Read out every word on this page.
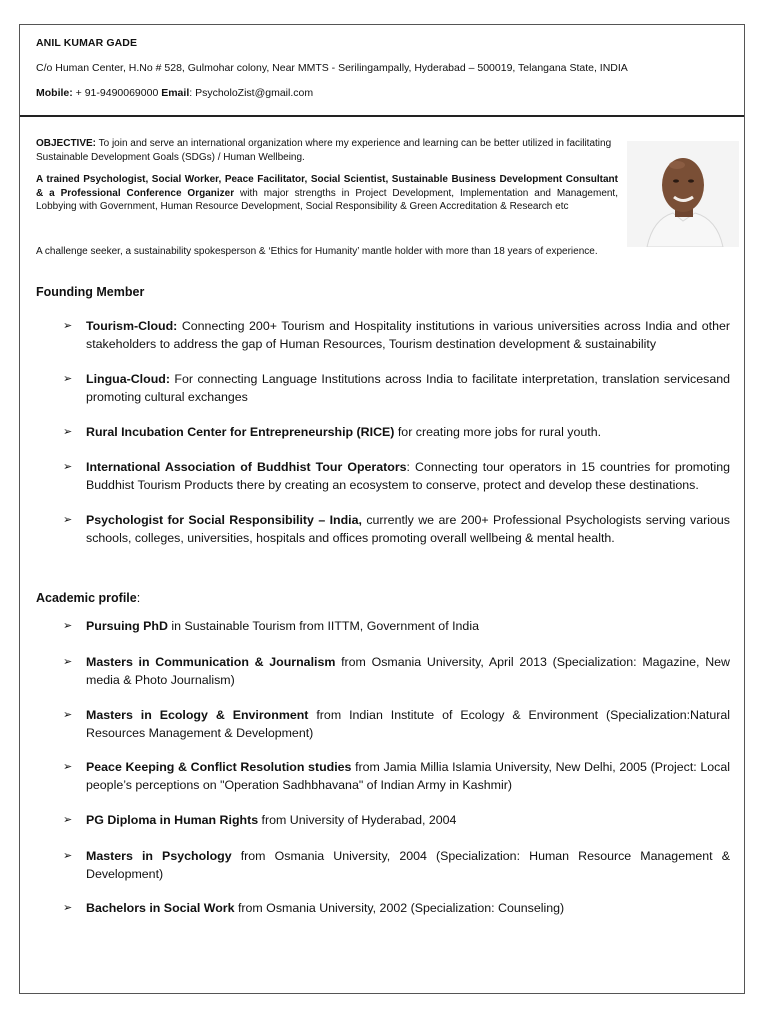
ANIL KUMAR GADE
C/o Human Center, H.No # 528, Gulmohar colony, Near MMTS - Serilingampally, Hyderabad – 500019, Telangana State, INDIA
Mobile: + 91-9490069000 Email: PsycholoZist@gmail.com
OBJECTIVE: To join and serve an international organization where my experience and learning can be better utilized in facilitating Sustainable Development Goals (SDGs) / Human Wellbeing.
A trained Psychologist, Social Worker, Peace Facilitator, Social Scientist, Sustainable Business Development Consultant & a Professional Conference Organizer with major strengths in Project Development, Implementation and Management, Lobbying with Government, Human Resource Development, Social Responsibility & Green Accreditation & Research etc
A challenge seeker, a sustainability spokesperson & ‘Ethics for Humanity’ mantle holder with more than 18 years of experience.
Founding Member
➢ Tourism-Cloud: Connecting 200+ Tourism and Hospitality institutions in various universities across India and other stakeholders to address the gap of Human Resources, Tourism destination development & sustainability
➢ Lingua-Cloud: For connecting Language Institutions across India to facilitate interpretation, translation servicesand promoting cultural exchanges
➢ Rural Incubation Center for Entrepreneurship (RICE) for creating more jobs for rural youth.
➢ International Association of Buddhist Tour Operators: Connecting tour operators in 15 countries for promoting Buddhist Tourism Products there by creating an ecosystem to conserve, protect and develop these destinations.
➢ Psychologist for Social Responsibility – India, currently we are 200+ Professional Psychologists serving various schools, colleges, universities, hospitals and offices promoting overall wellbeing & mental health.
Academic profile:
➢ Pursuing PhD in Sustainable Tourism from IITTM, Government of India
➢ Masters in Communication & Journalism from Osmania University, April 2013 (Specialization: Magazine, New media & Photo Journalism)
➢ Masters in Ecology & Environment from Indian Institute of Ecology & Environment (Specialization:Natural Resources Management & Development)
➢ Peace Keeping & Conflict Resolution studies from Jamia Millia Islamia University, New Delhi, 2005 (Project: Local people’s perceptions on "Operation Sadhbhavana" of Indian Army in Kashmir)
➢ PG Diploma in Human Rights from University of Hyderabad, 2004
➢ Masters in Psychology from Osmania University, 2004 (Specialization: Human Resource Management & Development)
➢ Bachelors in Social Work from Osmania University, 2002 (Specialization: Counseling)
